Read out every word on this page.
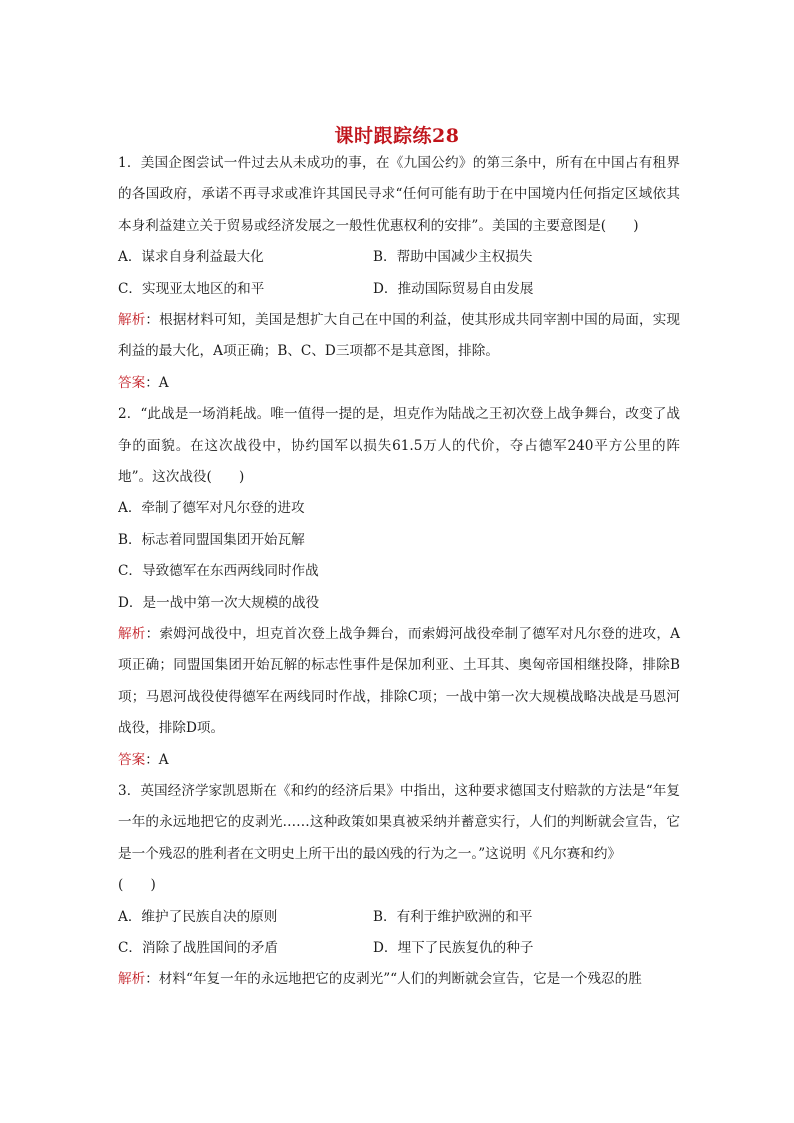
课时跟踪练28
1．美国企图尝试一件过去从未成功的事，在《九国公约》的第三条中，所有在中国占有租界的各国政府，承诺不再寻求或准许其国民寻求“任何可能有助于在中国境内任何指定区域依其本身利益建立关于贸易或经济发展之一般性优惠权利的安排”。美国的主要意图是(　　)
A．谋求自身利益最大化	B．帮助中国减少主权损失
C．实现亚太地区的和平	D．推动国际贸易自由发展
解析：根据材料可知，美国是想扩大自己在中国的利益，使其形成共同宰割中国的局面，实现利益的最大化，A项正确；B、C、D三项都不是其意图，排除。
答案：A
2．“此战是一场消耗战。唯一值得一提的是，坦克作为陆战之王初次登上战争舞台，改变了战争的面貌。在这次战役中，协约国军以损失61.5万人的代价，夺占德军240平方公里的阵地”。这次战役(　　)
A．牵制了德军对凡尔登的进攻
B．标志着同盟国集团开始瓦解
C．导致德军在东西两线同时作战
D．是一战中第一次大规模的战役
解析：索姆河战役中，坦克首次登上战争舞台，而索姆河战役牵制了德军对凡尔登的进攻，A项正确；同盟国集团开始瓦解的标志性事件是保加利亚、土耳其、奥匈帝国相继投降，排除B项；马恩河战役使得德军在两线同时作战，排除C项；一战中第一次大规模战略决战是马恩河战役，排除D项。
答案：A
3．英国经济学家凯恩斯在《和约的经济后果》中指出，这种要求德国支付赔款的方法是“年复一年的永远地把它的皮剥光……这种政策如果真被采纳并蓄意实行，人们的判断就会宣告，它是一个残忍的胜利者在文明史上所干出的最凶残的行为之一。”这说明《凡尔赛和约》
(　　)
A．维护了民族自决的原则	B．有利于维护欧洲的和平
C．消除了战胜国间的矛盾	D．埋下了民族复仇的种子
解析：材料“年复一年的永远地把它的皮剥光”“人们的判断就会宣告，它是一个残忍的胜
